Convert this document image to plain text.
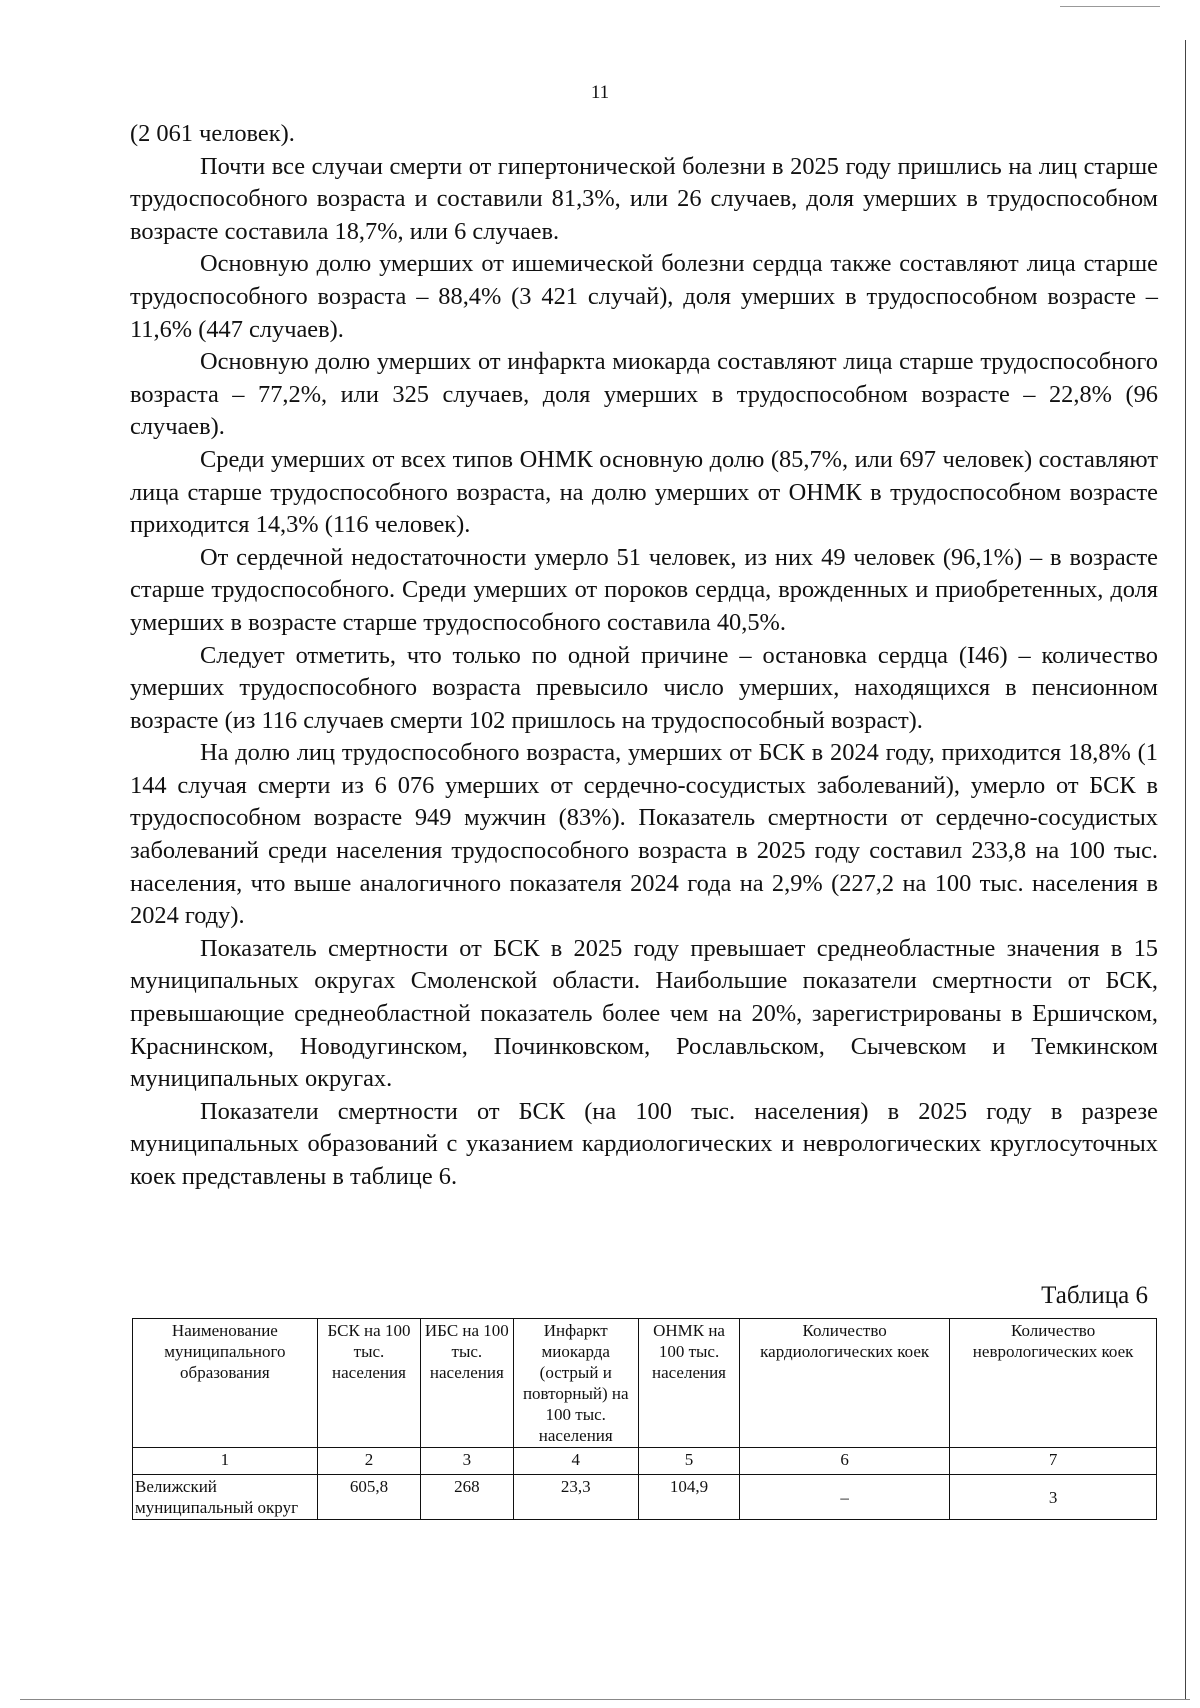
11

(2 061 человек).

Почти все случаи смерти от гипертонической болезни в 2025 году пришлись на лиц старше трудоспособного возраста и составили 81,3%, или 26 случаев, доля умерших в трудоспособном возрасте составила 18,7%, или 6 случаев.

Основную долю умерших от ишемической болезни сердца также составляют лица старше трудоспособного возраста – 88,4% (3 421 случай), доля умерших в трудоспособном возрасте – 11,6% (447 случаев).

Основную долю умерших от инфаркта миокарда составляют лица старше трудоспособного возраста – 77,2%, или 325 случаев, доля умерших в трудоспособном возрасте – 22,8% (96 случаев).

Среди умерших от всех типов ОНМК основную долю (85,7%, или 697 человек) составляют лица старше трудоспособного возраста, на долю умерших от ОНМК в трудоспособном возрасте приходится 14,3% (116 человек).

От сердечной недостаточности умерло 51 человек, из них 49 человек (96,1%) – в возрасте старше трудоспособного. Среди умерших от пороков сердца, врожденных и приобретенных, доля умерших в возрасте старше трудоспособного составила 40,5%.

Следует отметить, что только по одной причине – остановка сердца (I46) – количество умерших трудоспособного возраста превысило число умерших, находящихся в пенсионном возрасте (из 116 случаев смерти 102 пришлось на трудоспособный возраст).

На долю лиц трудоспособного возраста, умерших от БСК в 2024 году, приходится 18,8% (1 144 случая смерти из 6 076 умерших от сердечно-сосудистых заболеваний), умерло от БСК в трудоспособном возрасте 949 мужчин (83%). Показатель смертности от сердечно-сосудистых заболеваний среди населения трудоспособного возраста в 2025 году составил 233,8 на 100 тыс. населения, что выше аналогичного показателя 2024 года на 2,9% (227,2 на 100 тыс. населения в 2024 году).

Показатель смертности от БСК в 2025 году превышает среднеобластные значения в 15 муниципальных округах Смоленской области. Наибольшие показатели смертности от БСК, превышающие среднеобластной показатель более чем на 20%, зарегистрированы в Ершичском, Краснинском, Новодугинском, Починковском, Рославльском, Сычевском и Темкинском муниципальных округах.

Показатели смертности от БСК (на 100 тыс. населения) в 2025 году в разрезе муниципальных образований с указанием кардиологических и неврологических круглосуточных коек представлены в таблице 6.

Таблица 6
Наименование муниципального образования	БСК на 100 тыс. населения	ИБС на 100 тыс. населения	Инфаркт миокарда (острый и повторный) на 100 тыс. населения	ОНМК на 100 тыс. населения	Количество кардиологических коек	Количество неврологических коек
1	2	3	4	5	6	7
Велижский муниципальный округ	605,8	268	23,3	104,9	–	3
